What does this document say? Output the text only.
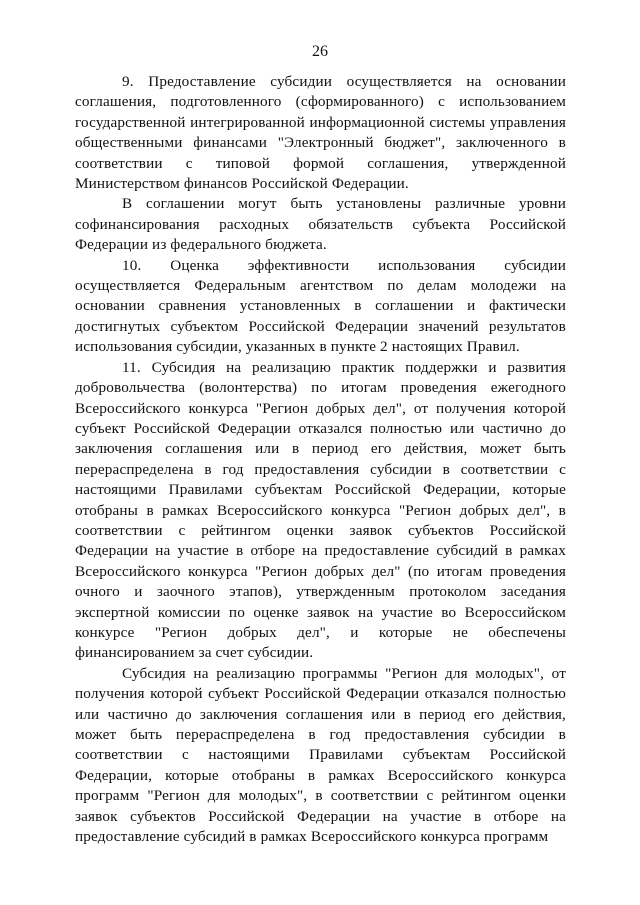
26

9. Предоставление субсидии осуществляется на основании соглашения, подготовленного (сформированного) с использованием государственной интегрированной информационной системы управления общественными финансами "Электронный бюджет", заключенного в соответствии с типовой формой соглашения, утвержденной Министерством финансов Российской Федерации.

В соглашении могут быть установлены различные уровни софинансирования расходных обязательств субъекта Российской Федерации из федерального бюджета.

10. Оценка эффективности использования субсидии осуществляется Федеральным агентством по делам молодежи на основании сравнения установленных в соглашении и фактически достигнутых субъектом Российской Федерации значений результатов использования субсидии, указанных в пункте 2 настоящих Правил.

11. Субсидия на реализацию практик поддержки и развития добровольчества (волонтерства) по итогам проведения ежегодного Всероссийского конкурса "Регион добрых дел", от получения которой субъект Российской Федерации отказался полностью или частично до заключения соглашения или в период его действия, может быть перераспределена в год предоставления субсидии в соответствии с настоящими Правилами субъектам Российской Федерации, которые отобраны в рамках Всероссийского конкурса "Регион добрых дел", в соответствии с рейтингом оценки заявок субъектов Российской Федерации на участие в отборе на предоставление субсидий в рамках Всероссийского конкурса "Регион добрых дел" (по итогам проведения очного и заочного этапов), утвержденным протоколом заседания экспертной комиссии по оценке заявок на участие во Всероссийском конкурсе "Регион добрых дел", и которые не обеспечены финансированием за счет субсидии.

Субсидия на реализацию программы "Регион для молодых", от получения которой субъект Российской Федерации отказался полностью или частично до заключения соглашения или в период его действия, может быть перераспределена в год предоставления субсидии в соответствии с настоящими Правилами субъектам Российской Федерации, которые отобраны в рамках Всероссийского конкурса программ "Регион для молодых", в соответствии с рейтингом оценки заявок субъектов Российской Федерации на участие в отборе на предоставление субсидий в рамках Всероссийского конкурса программ
